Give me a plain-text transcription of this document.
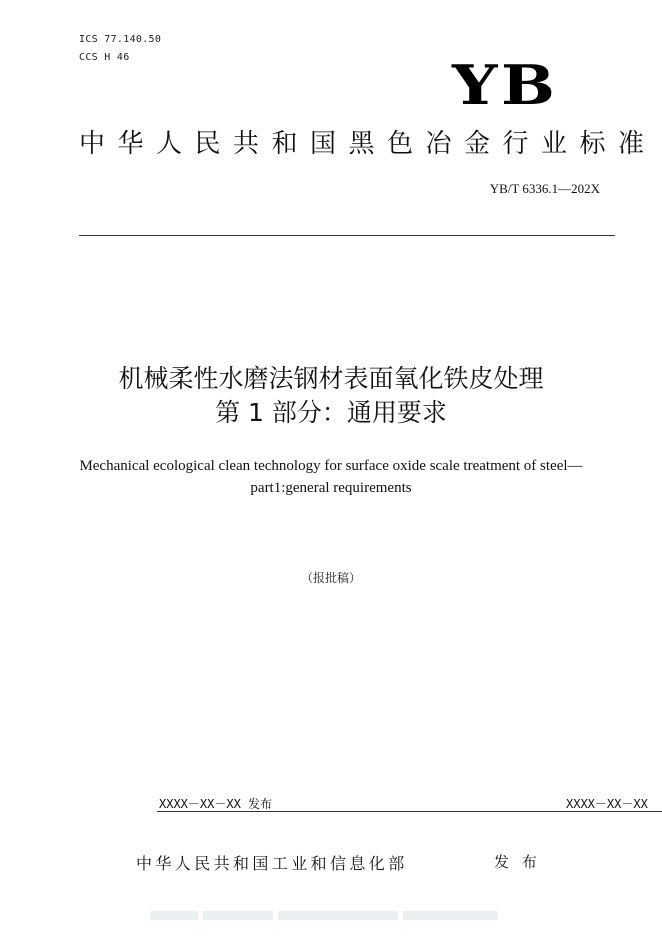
ICS 77.140.50
CCS H 46	YB
中华人民共和国黑色冶金行业标准
YB/T 6336.1—202X
机械柔性水磨法钢材表面氧化铁皮处理
第 1 部分：通用要求
Mechanical ecological clean technology for surface oxide scale treatment of steel—
part1:general requirements
（报批稿）
XXXX－XX－XX 发布	XXXX－XX－XX
中华人民共和国工业和信息化部	发 布
